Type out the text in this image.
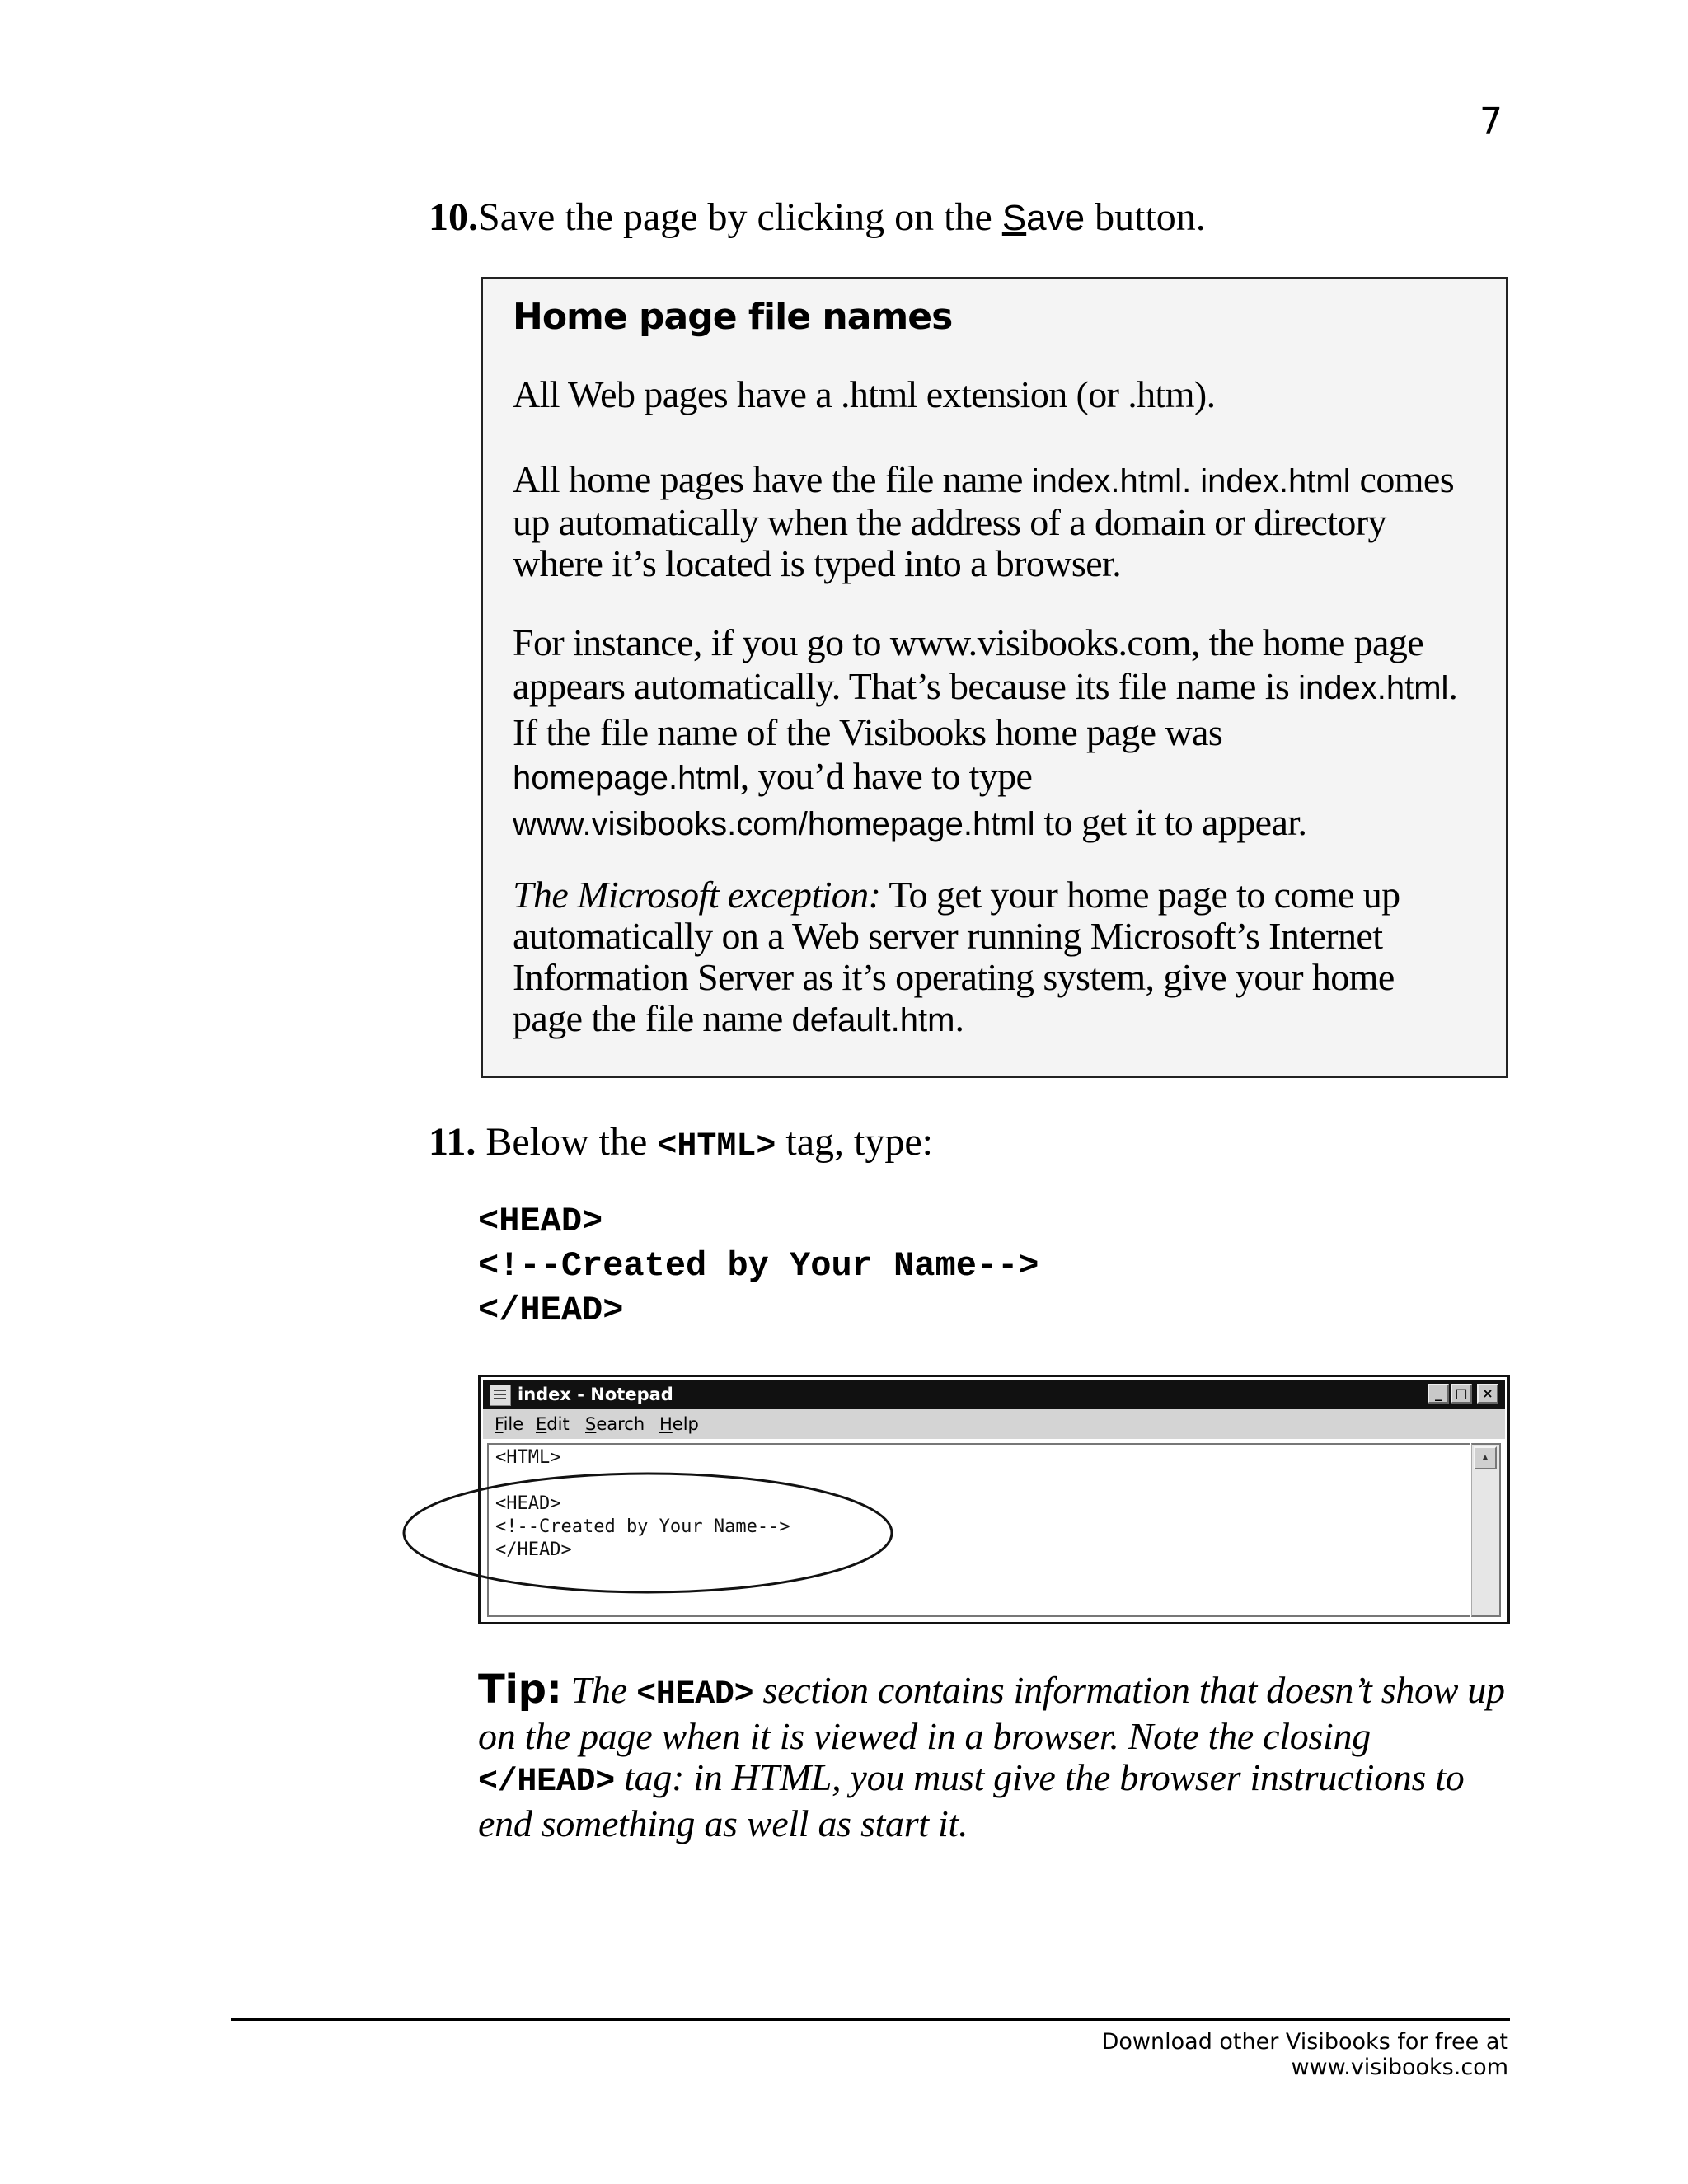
7
10.Save the page by clicking on the Save button.
Home page file names
All Web pages have a .html extension (or .htm).
All home pages have the file name index.html. index.html comes up automatically when the address of a domain or directory where it’s located is typed into a browser.
For instance, if you go to www.visibooks.com, the home page appears automatically. That’s because its file name is index.html. If the file name of the Visibooks home page was homepage.html, you’d have to type www.visibooks.com/homepage.html to get it to appear.
The Microsoft exception: To get your home page to come up automatically on a Web server running Microsoft’s Internet Information Server as it’s operating system, give your home page the file name default.htm.
11. Below the <HTML> tag, type:
<HEAD>
<!--Created by Your Name-->
</HEAD>
index - Notepad	_	□	×
File Edit Search Help
<HTML>

<HEAD>
<!--Created by Your Name-->
</HEAD>
▲
Tip: The <HEAD> section contains information that doesn’t show up on the page when it is viewed in a browser. Note the closing </HEAD> tag: in HTML, you must give the browser instructions to end something as well as start it.
Download other Visibooks for free at www.visibooks.com
